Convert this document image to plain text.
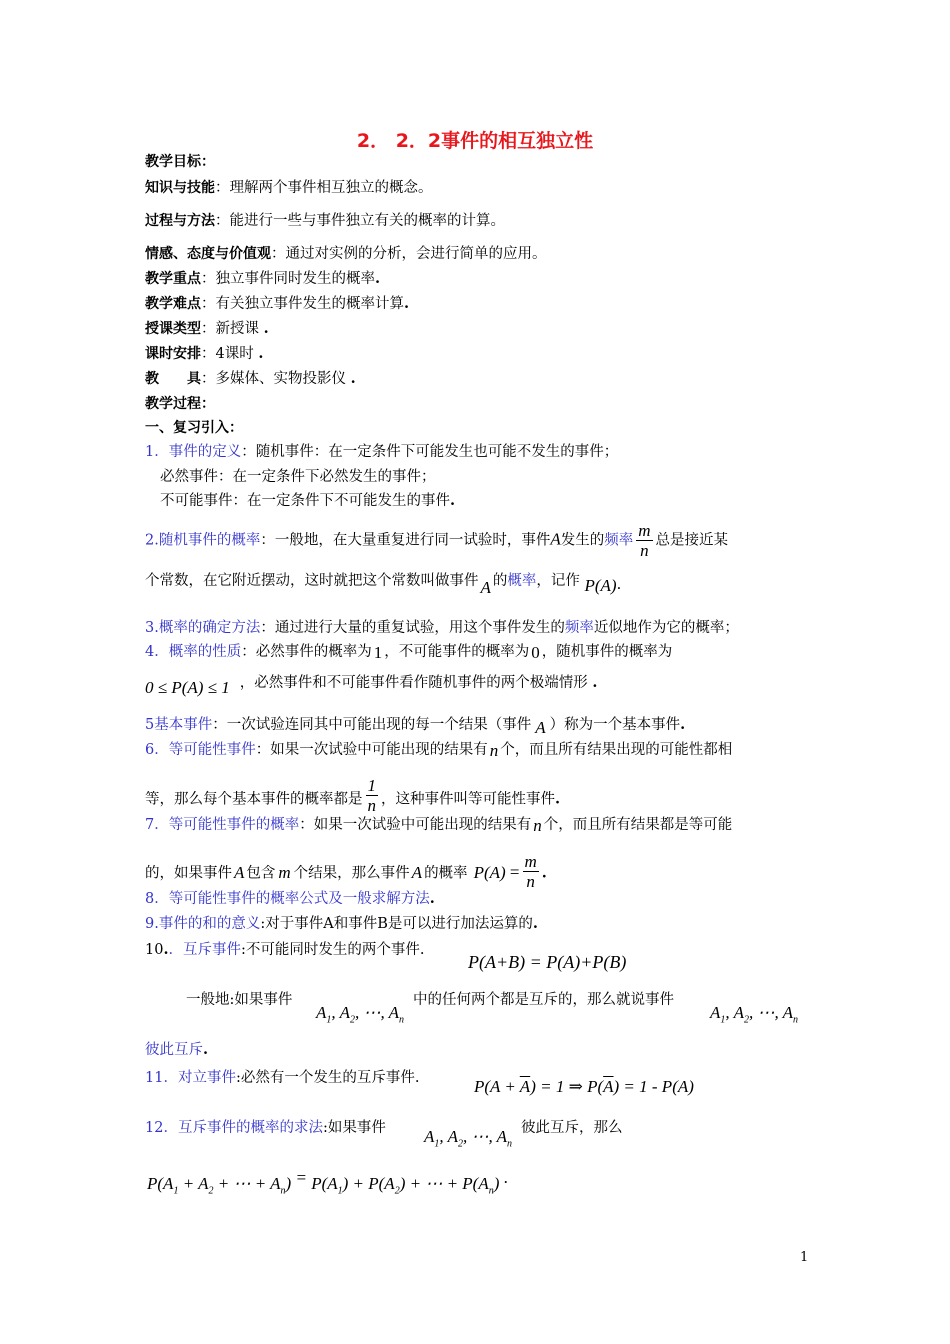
2． 2．2事件的相互独立性
教学目标：
知识与技能：理解两个事件相互独立的概念。
过程与方法：能进行一些与事件独立有关的概率的计算。
情感、态度与价值观：通过对实例的分析，会进行简单的应用。
教学重点：独立事件同时发生的概率.
教学难点：有关独立事件发生的概率计算.
授课类型：新授课 .
课时安排：4课时 .
教　　具：多媒体、实物投影仪 .
教学过程：
一、复习引入：
1．事件的定义：随机事件：在一定条件下可能发生也可能不发生的事件；
必然事件：在一定条件下必然发生的事件；
不可能事件：在一定条件下不可能发生的事件.
2.随机事件的概率：一般地，在大量重复进行同一试验时，事件A发生的频率 $\frac{m}{n}$ 总是接近某
个常数，在它附近摆动，这时就把这个常数叫做事件 A 的概率，记作 P(A).
3.概率的确定方法：通过进行大量的重复试验，用这个事件发生的频率近似地作为它的概率；
4．概率的性质：必然事件的概率为 1 ，不可能事件的概率为 0 ，随机事件的概率为
0 ≤ P(A) ≤ 1 ，必然事件和不可能事件看作随机事件的两个极端情形 .
5基本事件：一次试验连同其中可能出现的每一个结果（事件 A ）称为一个基本事件.
6．等可能性事件：如果一次试验中可能出现的结果有 n 个，而且所有结果出现的可能性都相
等，那么每个基本事件的概率都是 $\frac{1}{n}$ ，这种事件叫等可能性事件.
7．等可能性事件的概率：如果一次试验中可能出现的结果有 n 个，而且所有结果都是等可能
的，如果事件 A 包含 m 个结果，那么事件 A 的概率 $P(A) = \frac{m}{n}$ .
8．等可能性事件的概率公式及一般求解方法.
9.事件的和的意义:对于事件A和事件B是可以进行加法运算的.
10.．互斥事件:不可能同时发生的两个事件.
P(A+B) = P(A)+P(B)
一般地:如果事件
$A_1$, $A_2$, ⋯, $A_n$
中的任何两个都是互斥的，那么就说事件
$A_1$, $A_2$, ⋯, $A_n$
彼此互斥.
11．对立事件:必然有一个发生的互斥事件.	$P(A + \overline{A}) = 1$ ⇒ $P(\overline{A}) = 1 - P(A)$
12．互斥事件的概率的求法:如果事件 $A_1$, $A_2$, ⋯, $A_n$
彼此互斥，那么
$P(A_1 + A_2$ + ⋯ + $A_n) = P(A_1) + P(A_2)$ + ⋯ + $P(A_n)$ .
1
